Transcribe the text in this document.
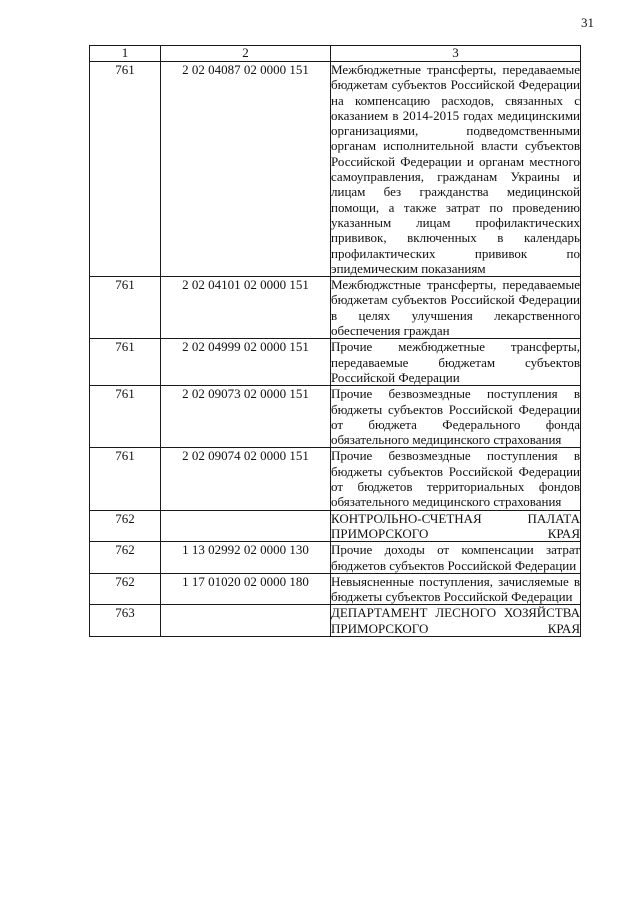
31
1	2	3
761	2 02 04087 02 0000 151	Межбюджетные трансферты, передаваемые бюджетам субъектов Российской Федерации на компенсацию расходов, связанных с оказанием в 2014-2015 годах медицинскими организациями, подведомственными органам исполнительной власти субъектов Российской Федерации и органам местного самоуправления, гражданам Украины и лицам без гражданства медицинской помощи, а также затрат по проведению указанным лицам профилактических прививок, включенных в календарь профилактических прививок по эпидемическим показаниям
761	2 02 04101 02 0000 151	Межбюджстные трансферты, передаваемые бюджетам субъектов Российской Федерации в целях улучшения лекарственного обеспечения граждан
761	2 02 04999 02 0000 151	Прочие межбюджетные трансферты, передаваемые бюджетам субъектов Российской Федерации
761	2 02 09073 02 0000 151	Прочие безвозмездные поступления в бюджеты субъектов Российской Федерации от бюджета Федерального фонда обязательного медицинского страхования
761	2 02 09074 02 0000 151	Прочие безвозмездные поступления в бюджеты субъектов Российской Федерации от бюджетов территориальных фондов обязательного медицинского страхования
762		КОНТРОЛЬНО-СЧЕТНАЯ ПАЛАТА ПРИМОРСКОГО КРАЯ
762	1 13 02992 02 0000 130	Прочие доходы от компенсации затрат бюджетов субъектов Российской Федерации
762	1 17 01020 02 0000 180	Невыясненные поступления, зачисляемые в бюджеты субъектов Российской Федерации
763		ДЕПАРТАМЕНТ ЛЕСНОГО ХОЗЯЙСТВА ПРИМОРСКОГО КРАЯ
